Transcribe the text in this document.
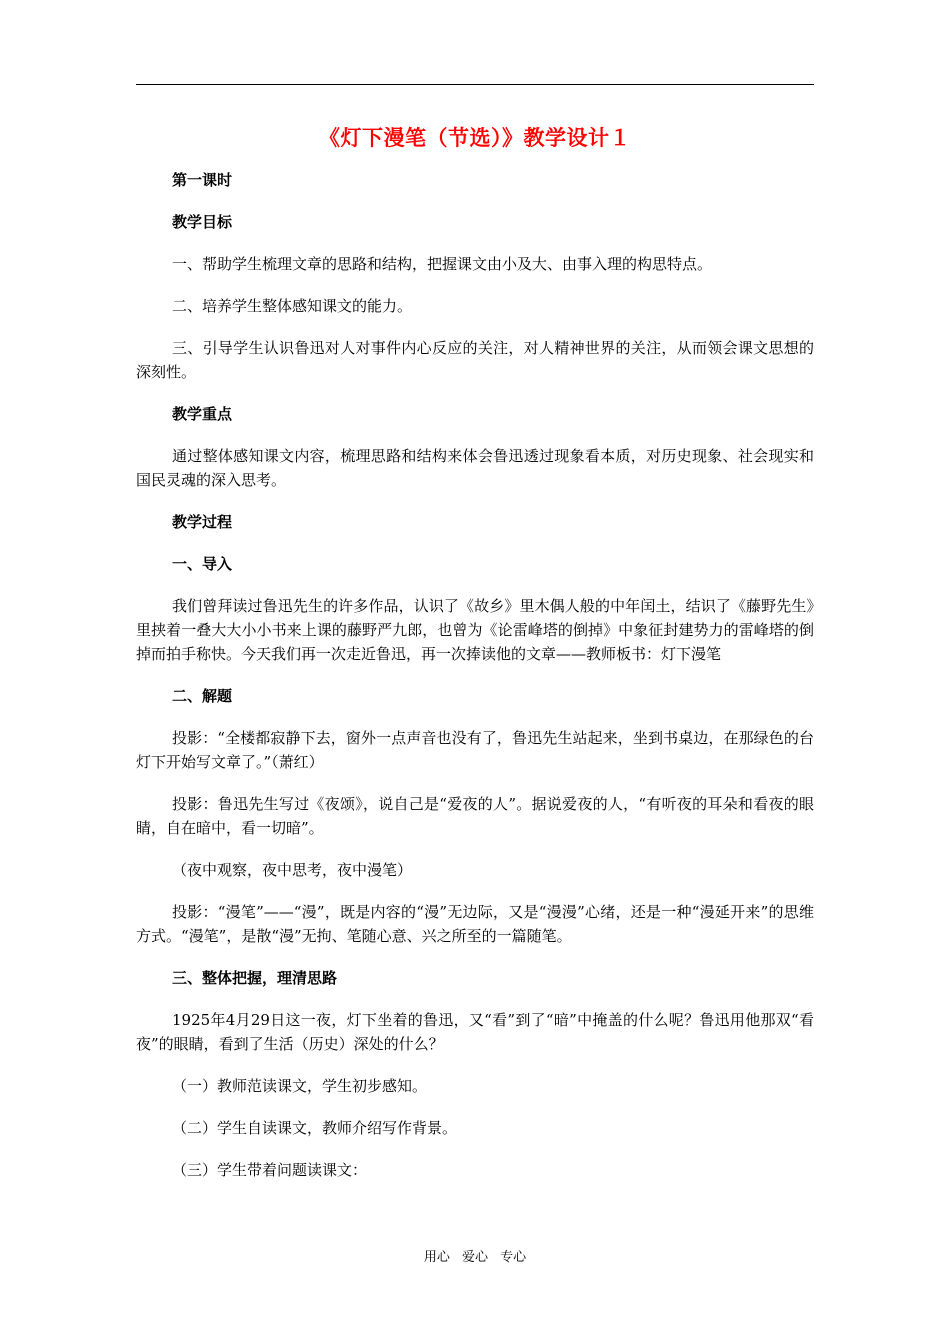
《灯下漫笔（节选）》教学设计１

第一课时

教学目标

一、帮助学生梳理文章的思路和结构，把握课文由小及大、由事入理的构思特点。

二、培养学生整体感知课文的能力。

三、引导学生认识鲁迅对人对事件内心反应的关注，对人精神世界的关注，从而领会课文思想的深刻性。

教学重点

通过整体感知课文内容，梳理思路和结构来体会鲁迅透过现象看本质，对历史现象、社会现实和国民灵魂的深入思考。

教学过程

一、导入

我们曾拜读过鲁迅先生的许多作品，认识了《故乡》里木偶人般的中年闰土，结识了《藤野先生》里挟着一叠大大小小书来上课的藤野严九郎，也曾为《论雷峰塔的倒掉》中象征封建势力的雷峰塔的倒掉而拍手称快。今天我们再一次走近鲁迅，再一次捧读他的文章——教师板书：灯下漫笔

二、解题

投影：“全楼都寂静下去，窗外一点声音也没有了，鲁迅先生站起来，坐到书桌边，在那绿色的台灯下开始写文章了。”（萧红）

投影：鲁迅先生写过《夜颂》，说自己是“爱夜的人”。据说爱夜的人，“有听夜的耳朵和看夜的眼睛，自在暗中，看一切暗”。

（夜中观察，夜中思考，夜中漫笔）

投影：“漫笔”——“漫”，既是内容的“漫”无边际，又是“漫漫”心绪，还是一种“漫延开来”的思维方式。“漫笔”，是散“漫”无拘、笔随心意、兴之所至的一篇随笔。

三、整体把握，理清思路

1925年4月29日这一夜，灯下坐着的鲁迅，又“看”到了“暗”中掩盖的什么呢？鲁迅用他那双“看夜”的眼睛，看到了生活（历史）深处的什么？

（一）教师范读课文，学生初步感知。

（二）学生自读课文，教师介绍写作背景。

（三）学生带着问题读课文：

用心 爱心 专心
